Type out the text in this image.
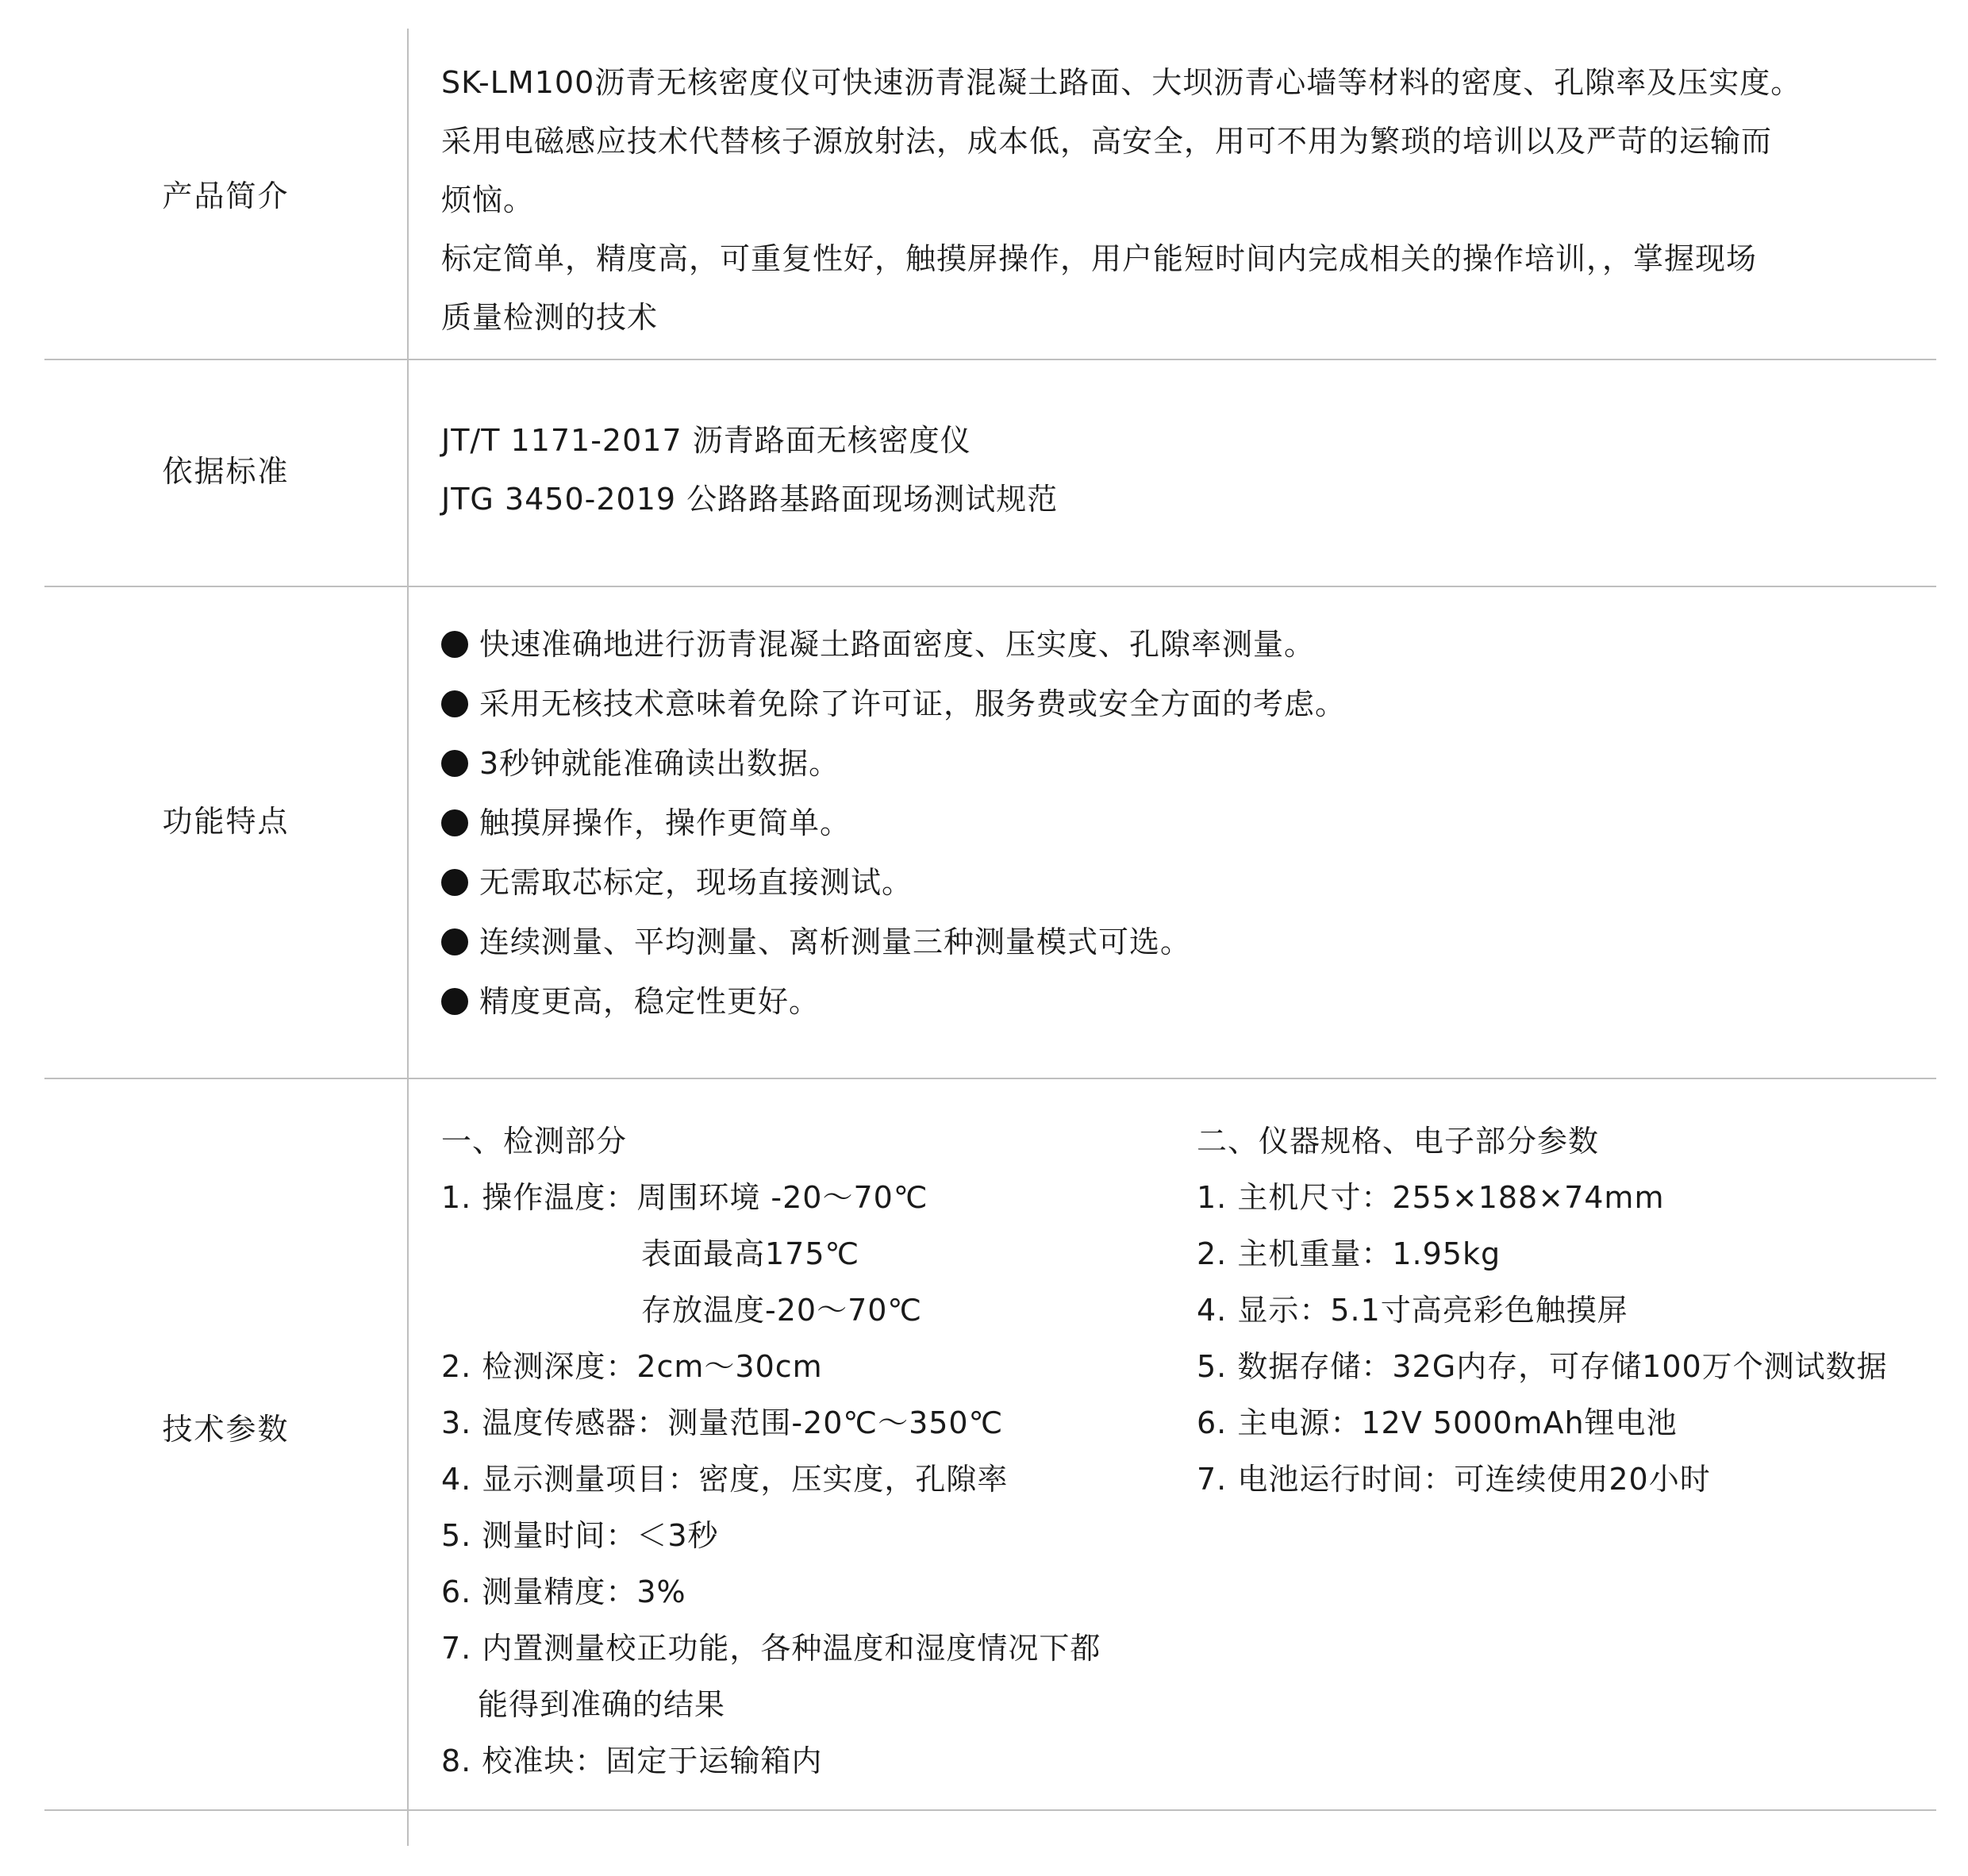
产品简介

SK-LM100沥青无核密度仪可快速沥青混凝土路面、大坝沥青心墙等材料的密度、孔隙率及压实度。

采用电磁感应技术代替核子源放射法，成本低，高安全，用可不用为繁琐的培训以及严苛的运输而

烦恼。

标定简单，精度高，可重复性好，触摸屏操作，用户能短时间内完成相关的操作培训，，掌握现场

质量检测的技术

依据标准

JT/T 1171-2017 沥青路面无核密度仪

JTG 3450-2019 公路路基路面现场测试规范

功能特点
快速准确地进行沥青混凝土路面密度、压实度、孔隙率测量。
采用无核技术意味着免除了许可证，服务费或安全方面的考虑。
3秒钟就能准确读出数据。
触摸屏操作，操作更简单。
无需取芯标定，现场直接测试。
连续测量、平均测量、离析测量三种测量模式可选。
精度更高，稳定性更好。
技术参数
一、检测部分
1. 操作温度：周围环境 -20～70℃
表面最高175℃
存放温度-20～70℃
2. 检测深度：2cm～30cm
3. 温度传感器：测量范围-20℃～350℃
4. 显示测量项目：密度，压实度，孔隙率
5. 测量时间：＜3秒
6. 测量精度：3%
7. 内置测量校正功能，各种温度和湿度情况下都
能得到准确的结果
8. 校准块：固定于运输箱内
二、仪器规格、电子部分参数
1. 主机尺寸：255×188×74mm
2. 主机重量：1.95kg
4. 显示：5.1寸高亮彩色触摸屏
5. 数据存储：32G内存，可存储100万个测试数据
6. 主电源：12V 5000mAh锂电池
7. 电池运行时间：可连续使用20小时
